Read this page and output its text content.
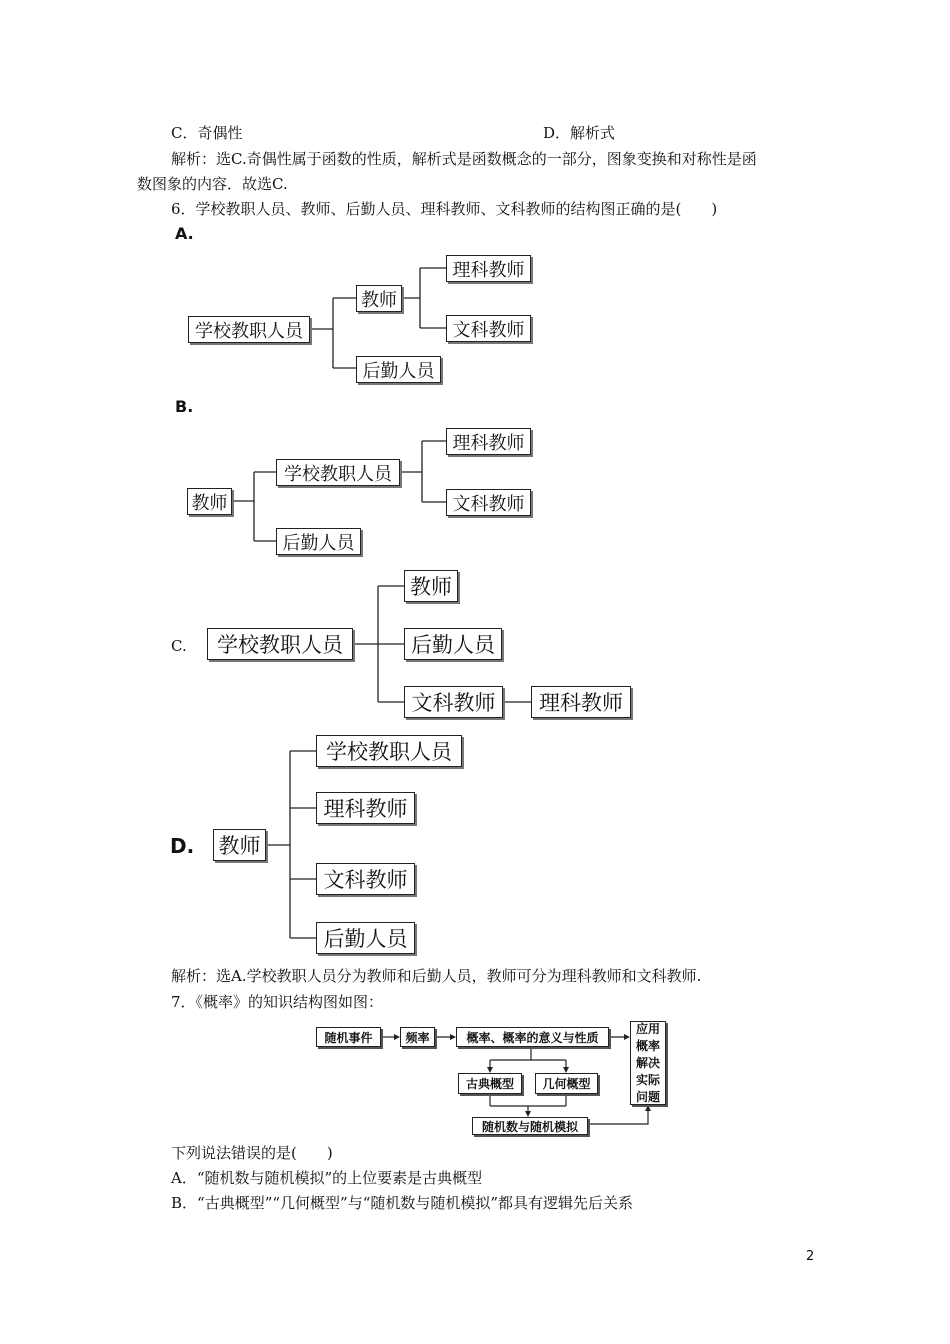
C．奇偶性	D．解析式
解析：选C.奇偶性属于函数的性质，解析式是函数概念的一部分，图象变换和对称性是函
数图象的内容．故选C.
6．学校教职人员、教师、后勤人员、理科教师、文科教师的结构图正确的是(　　)
A.
学校教职人员
教师
后勤人员
理科教师
文科教师
B.
教师
学校教职人员
后勤人员
理科教师
文科教师
C.	学校教职人员
教师
后勤人员
文科教师	理科教师
D. 教师
学校教职人员
理科教师
文科教师
后勤人员
解析：选A.学校教职人员分为教师和后勤人员，教师可分为理科教师和文科教师.
7．《概率》的知识结构图如图：
随机事件	频率	概率、概率的意义与性质
应用概率解决实际问题
古典概型	几何概型
随机数与随机模拟
下列说法错误的是(　　)
A．“随机数与随机模拟”的上位要素是古典概型
B．“古典概型”“几何概型”与“随机数与随机模拟”都具有逻辑先后关系
2
